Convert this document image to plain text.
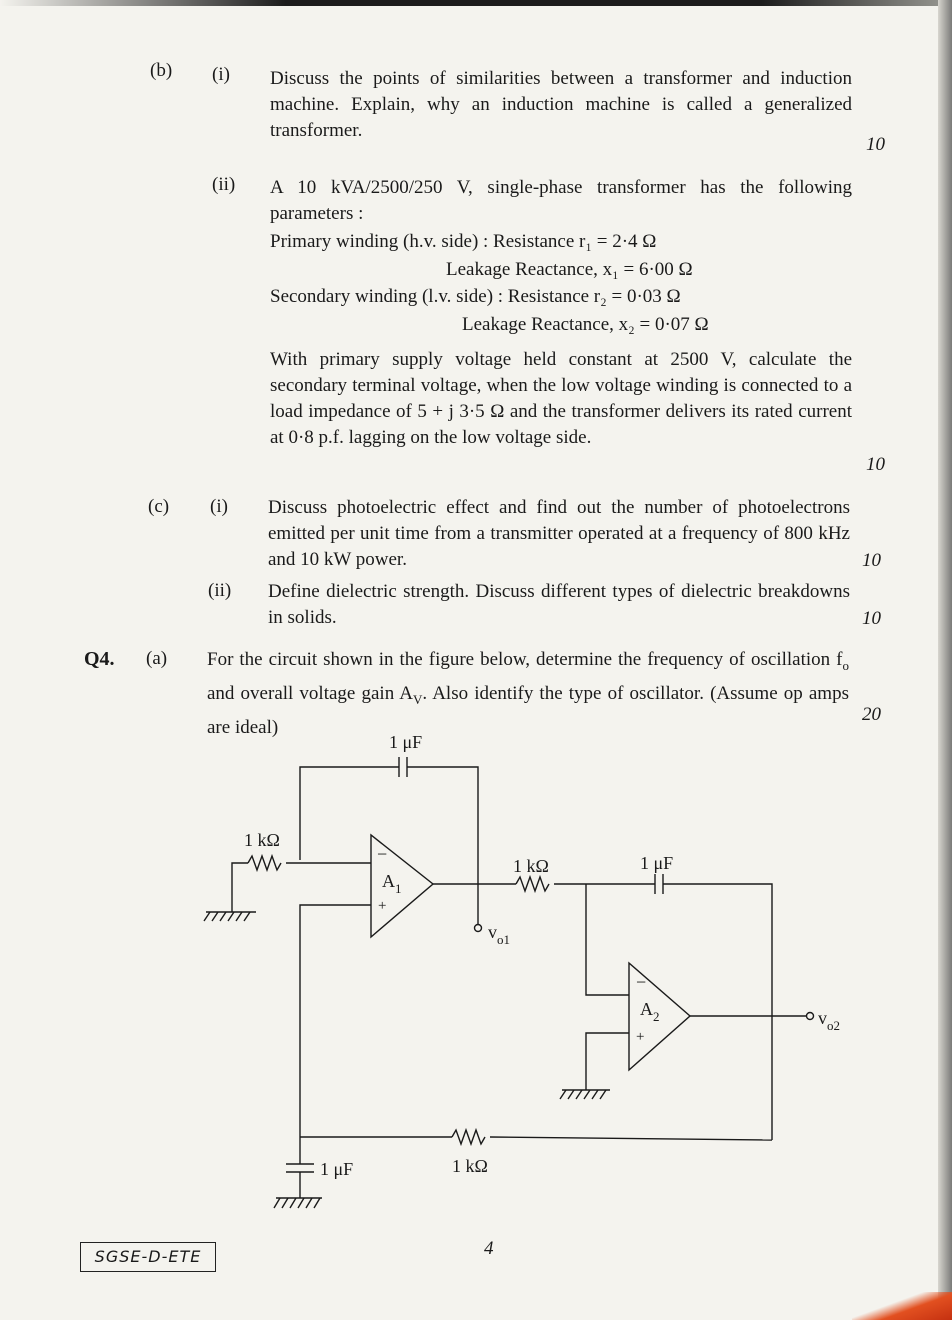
(b) (i) Discuss the points of similarities between a transformer and induction machine. Explain, why an induction machine is called a generalized transformer.

10
(ii) A 10 kVA/2500/250 V, single-phase transformer has the following parameters :

Primary winding (h.v. side) : Resistance r₁ = 2·4 Ω
Leakage Reactance, x₁ = 6·00 Ω
Secondary winding (l.v. side) : Resistance r₂ = 0·03 Ω
Leakage Reactance, x₂ = 0·07 Ω

With primary supply voltage held constant at 2500 V, calculate the secondary terminal voltage, when the low voltage winding is connected to a load impedance of 5 + j 3·5 Ω and the transformer delivers its rated current at 0·8 p.f. lagging on the low voltage side.

10
(c) (i) Discuss photoelectric effect and find out the number of photoelectrons emitted per unit time from a transmitter operated at a frequency of 800 kHz and 10 kW power.	10
(ii) Define dielectric strength. Discuss different types of dielectric breakdowns in solids.	10
Q4. (a) For the circuit shown in the figure below, determine the frequency of oscillation $f_o$ and overall voltage gain $A_V$. Also identify the type of oscillator. (Assume op amps are ideal)

20
1 μF
1 kΩ
−
+
$A_1$
1 kΩ	1 μF
$v_{o1}$
−
+
$A_2$	$v_{o2}$
1 μF	1 kΩ
SGSE-D-ETE	4
